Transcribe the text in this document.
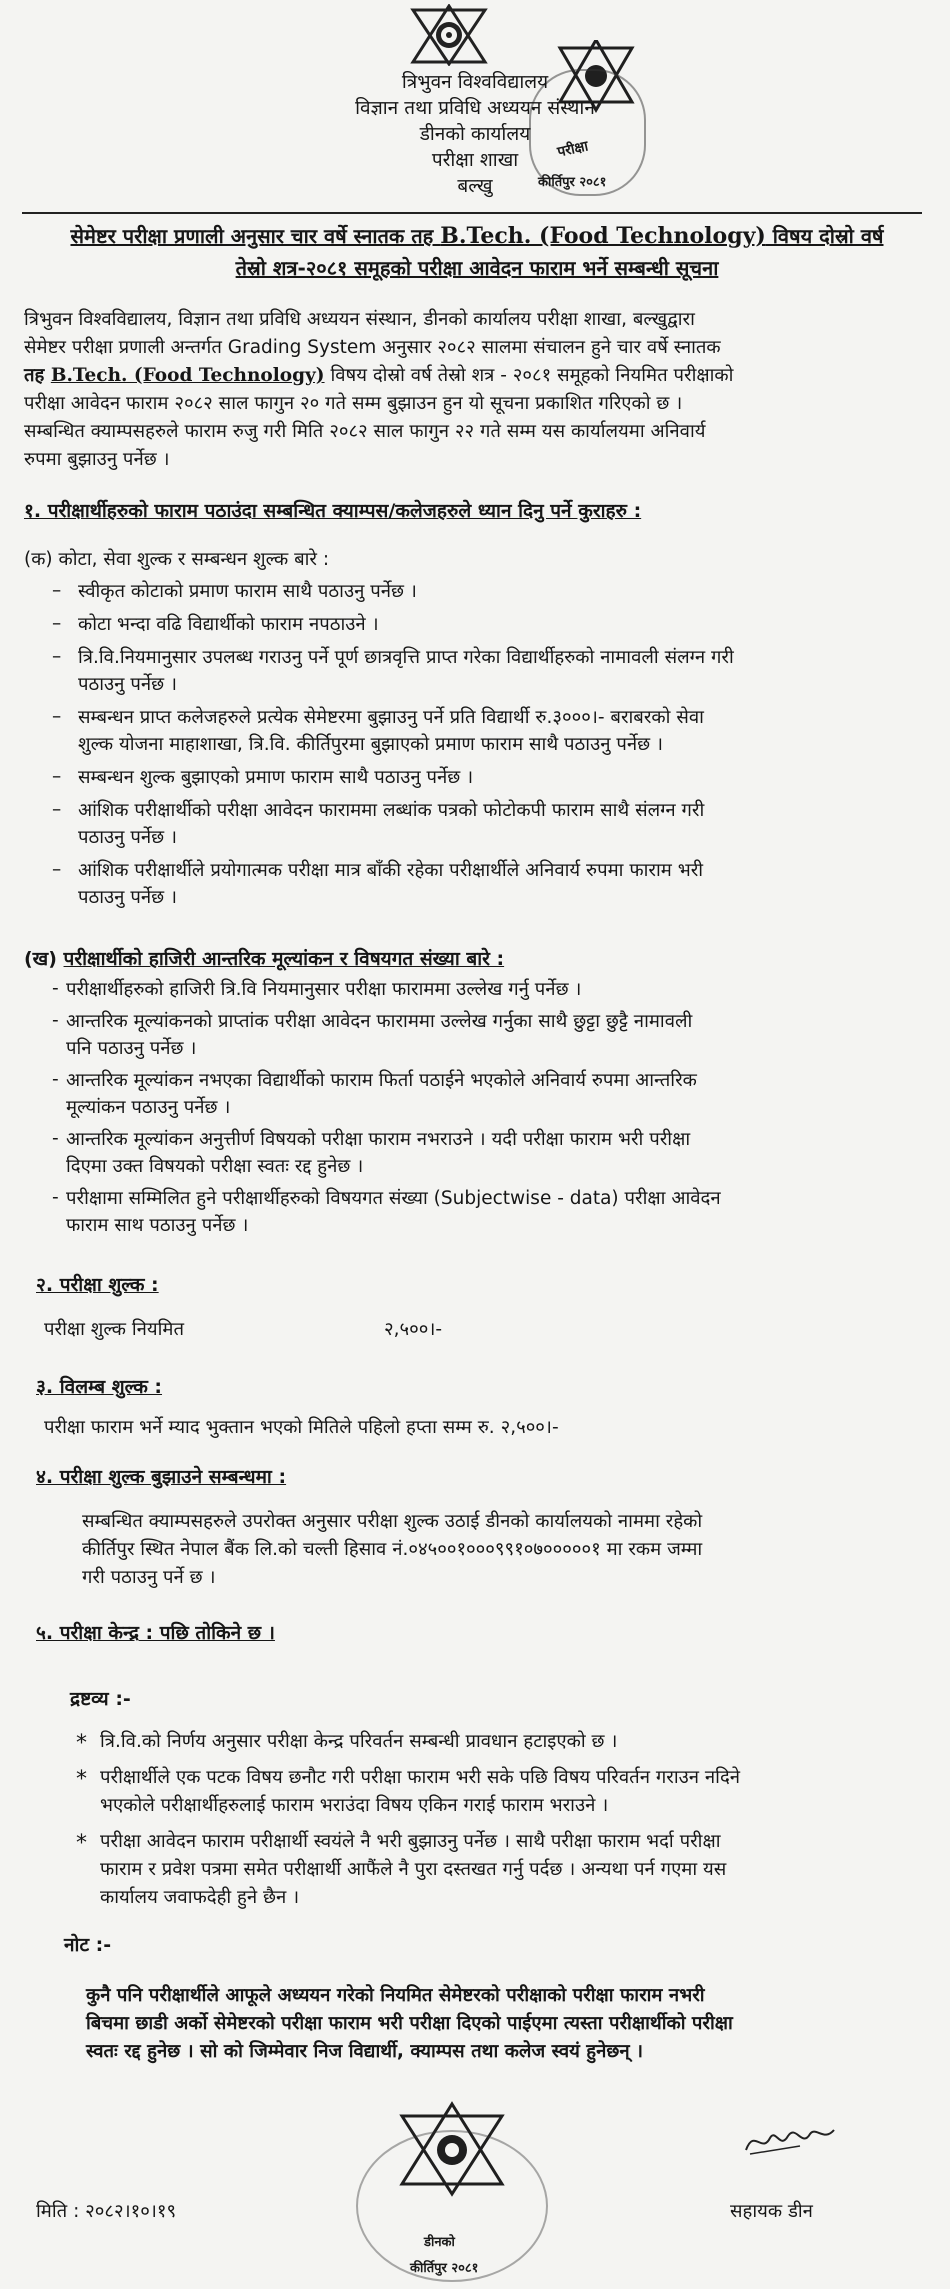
परीक्षा
कीर्तिपुर २०८१
त्रिभुवन विश्वविद्यालय
विज्ञान तथा प्रविधि अध्ययन संस्थान
डीनको कार्यालय
परीक्षा शाखा
बल्खु

सेमेष्टर परीक्षा प्रणाली अनुसार चार वर्षे स्नातक तह B.Tech. (Food Technology) विषय दोस्रो वर्ष

तेस्रो शत्र-२०८१ समूहको परीक्षा आवेदन फाराम भर्ने सम्बन्धी सूचना

त्रिभुवन विश्वविद्यालय, विज्ञान तथा प्रविधि अध्ययन संस्थान, डीनको कार्यालय परीक्षा शाखा, बल्खुद्वारा

सेमेष्टर परीक्षा प्रणाली अन्तर्गत Grading System अनुसार २०८२ सालमा संचालन हुने चार वर्षे स्नातक

तह B.Tech. (Food Technology) विषय दोस्रो वर्ष तेस्रो शत्र - २०८१ समूहको नियमित परीक्षाको

परीक्षा आवेदन फाराम २०८२ साल फागुन २० गते सम्म बुझाउन हुन यो सूचना प्रकाशित गरिएको छ ।

सम्बन्धित क्याम्पसहरुले फाराम रुजु गरी मिति २०८२ साल फागुन २२ गते सम्म यस कार्यालयमा अनिवार्य

रुपमा बुझाउनु पर्नेछ ।

१. परीक्षार्थीहरुको फाराम पठाउंदा सम्बन्धित क्याम्पस/कलेजहरुले ध्यान दिनु पर्ने कुराहरु :

(क) कोटा, सेवा शुल्क र सम्बन्धन शुल्क बारे :

– स्वीकृत कोटाको प्रमाण फाराम साथै पठाउनु पर्नेछ ।

– कोटा भन्दा वढि विद्यार्थीको फाराम नपठाउने ।

– त्रि.वि.नियमानुसार उपलब्ध गराउनु पर्ने पूर्ण छात्रवृत्ति प्राप्त गरेका विद्यार्थीहरुको नामावली संलग्न गरी

पठाउनु पर्नेछ ।

– सम्बन्धन प्राप्त कलेजहरुले प्रत्येक सेमेष्टरमा बुझाउनु पर्ने प्रति विद्यार्थी रु.३०००।- बराबरको सेवा

शुल्क योजना माहाशाखा, त्रि.वि. कीर्तिपुरमा बुझाएको प्रमाण फाराम साथै पठाउनु पर्नेछ ।

– सम्बन्धन शुल्क बुझाएको प्रमाण फाराम साथै पठाउनु पर्नेछ ।

– आंशिक परीक्षार्थीको परीक्षा आवेदन फाराममा लब्धांक पत्रको फोटोकपी फाराम साथै संलग्न गरी

पठाउनु पर्नेछ ।

– आंशिक परीक्षार्थीले प्रयोगात्मक परीक्षा मात्र बाँकी रहेका परीक्षार्थीले अनिवार्य रुपमा फाराम भरी

पठाउनु पर्नेछ ।

(ख) परीक्षार्थीको हाजिरी आन्तरिक मूल्यांकन र विषयगत संख्या बारे :

- परीक्षार्थीहरुको हाजिरी त्रि.वि नियमानुसार परीक्षा फाराममा उल्लेख गर्नु पर्नेछ ।

- आन्तरिक मूल्यांकनको प्राप्तांक परीक्षा आवेदन फाराममा उल्लेख गर्नुका साथै छुट्टा छुट्टै नामावली

पनि पठाउनु पर्नेछ ।

- आन्तरिक मूल्यांकन नभएका विद्यार्थीको फाराम फिर्ता पठाईने भएकोले अनिवार्य रुपमा आन्तरिक

मूल्यांकन पठाउनु पर्नेछ ।

- आन्तरिक मूल्यांकन अनुत्तीर्ण विषयको परीक्षा फाराम नभराउने । यदी परीक्षा फाराम भरी परीक्षा

दिएमा उक्त विषयको परीक्षा स्वतः रद्द हुनेछ ।

- परीक्षामा सम्मिलित हुने परीक्षार्थीहरुको विषयगत संख्या (Subjectwise - data) परीक्षा आवेदन

फाराम साथ पठाउनु पर्नेछ ।

२. परीक्षा शुल्क :

परीक्षा शुल्क नियमित	२,५००।-

३. विलम्ब शुल्क :

परीक्षा फाराम भर्ने म्याद भुक्तान भएको मितिले पहिलो हप्ता सम्म रु. २,५००।-

४. परीक्षा शुल्क बुझाउने सम्बन्धमा :

सम्बन्धित क्याम्पसहरुले उपरोक्त अनुसार परीक्षा शुल्क उठाई डीनको कार्यालयको नाममा रहेको

कीर्तिपुर स्थित नेपाल बैंक लि.को चल्ती हिसाव नं.०४५००१०००९९१०७०००००१ मा रकम जम्मा

गरी पठाउनु पर्ने छ ।

५. परीक्षा केन्द्र : पछि तोकिने छ ।

द्रष्टव्य :-

* त्रि.वि.को निर्णय अनुसार परीक्षा केन्द्र परिवर्तन सम्बन्धी प्रावधान हटाइएको छ ।

* परीक्षार्थीले एक पटक विषय छनौट गरी परीक्षा फाराम भरी सके पछि विषय परिवर्तन गराउन नदिने

भएकोले परीक्षार्थीहरुलाई फाराम भराउंदा विषय एकिन गराई फाराम भराउने ।

* परीक्षा आवेदन फाराम परीक्षार्थी स्वयंले नै भरी बुझाउनु पर्नेछ । साथै परीक्षा फाराम भर्दा परीक्षा

फाराम र प्रवेश पत्रमा समेत परीक्षार्थी आफैंले नै पुरा दस्तखत गर्नु पर्दछ । अन्यथा पर्न गएमा यस

कार्यालय जवाफदेही हुने छैन ।

नोट :-

कुनै पनि परीक्षार्थीले आफूले अध्ययन गरेको नियमित सेमेष्टरको परीक्षाको परीक्षा फाराम नभरी

बिचमा छाडी अर्को सेमेष्टरको परीक्षा फाराम भरी परीक्षा दिएको पाईएमा त्यस्ता परीक्षार्थीको परीक्षा

स्वतः रद्द हुनेछ । सो को जिम्मेवार निज विद्यार्थी, क्याम्पस तथा कलेज स्वयं हुनेछन् ।

डीनको
कीर्तिपुर २०८१

मिति : २०८२।१०।१९	सहायक डीन
